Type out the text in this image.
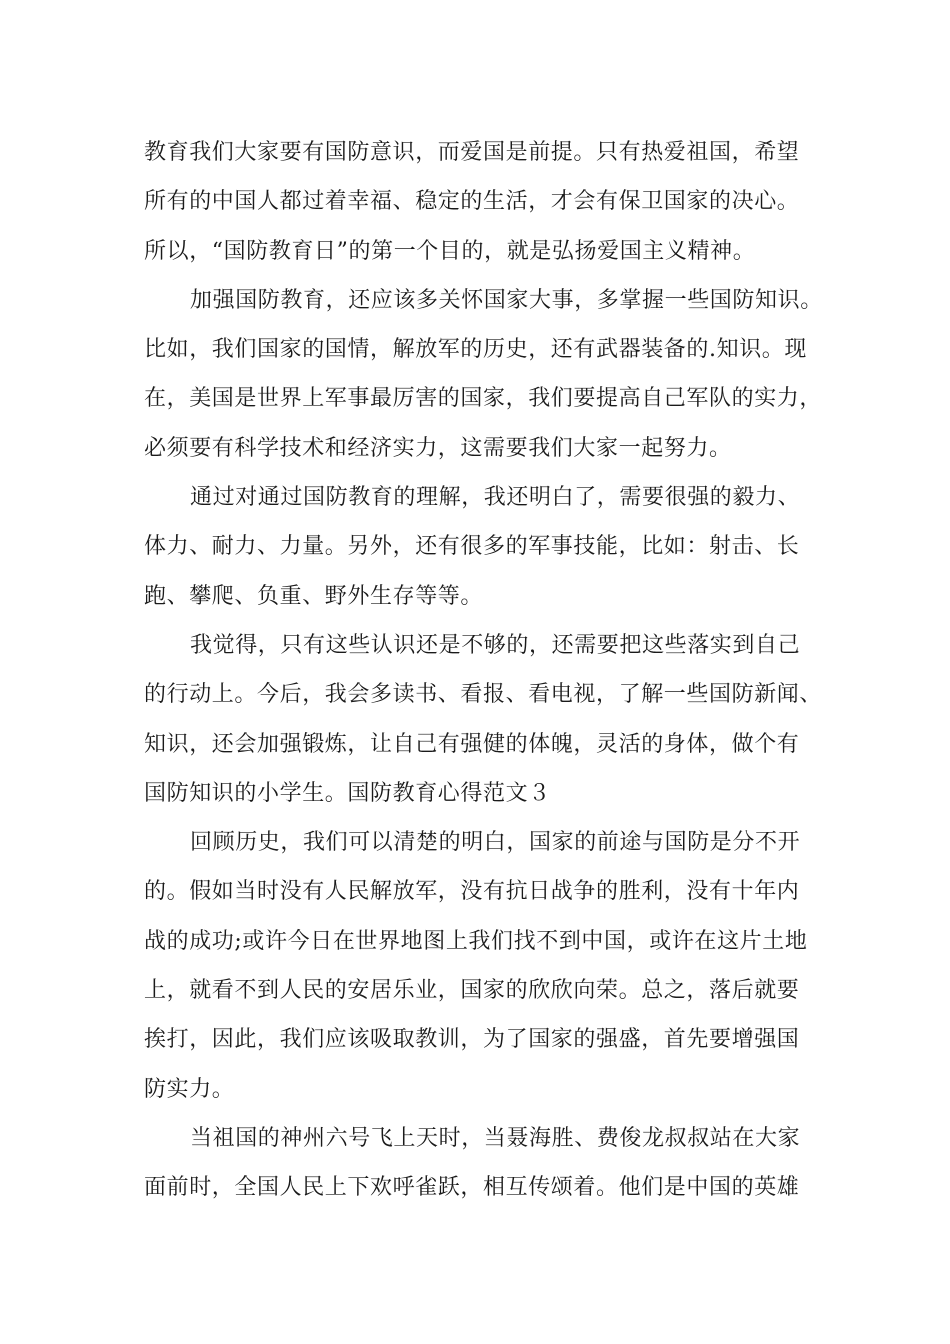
教育我们大家要有国防意识，而爱国是前提。只有热爱祖国，希望
所有的中国人都过着幸福、稳定的生活，才会有保卫国家的决心。
所以，“国防教育日”的第一个目的，就是弘扬爱国主义精神。
加强国防教育，还应该多关怀国家大事，多掌握一些国防知识。
比如，我们国家的国情，解放军的历史，还有武器装备的.知识。现
在，美国是世界上军事最厉害的国家，我们要提高自己军队的实力，
必须要有科学技术和经济实力，这需要我们大家一起努力。
通过对通过国防教育的理解，我还明白了，需要很强的毅力、
体力、耐力、力量。另外，还有很多的军事技能，比如：射击、长
跑、攀爬、负重、野外生存等等。
我觉得，只有这些认识还是不够的，还需要把这些落实到自己
的行动上。今后，我会多读书、看报、看电视，了解一些国防新闻、
知识，还会加强锻炼，让自己有强健的体魄，灵活的身体，做个有
国防知识的小学生。国防教育心得范文３
回顾历史，我们可以清楚的明白，国家的前途与国防是分不开
的。假如当时没有人民解放军，没有抗日战争的胜利，没有十年内
战的成功;或许今日在世界地图上我们找不到中国，或许在这片土地
上，就看不到人民的安居乐业，国家的欣欣向荣。总之，落后就要
挨打，因此，我们应该吸取教训，为了国家的强盛，首先要增强国
防实力。
当祖国的神州六号飞上天时，当聂海胜、费俊龙叔叔站在大家
面前时，全国人民上下欢呼雀跃，相互传颂着。他们是中国的英雄
